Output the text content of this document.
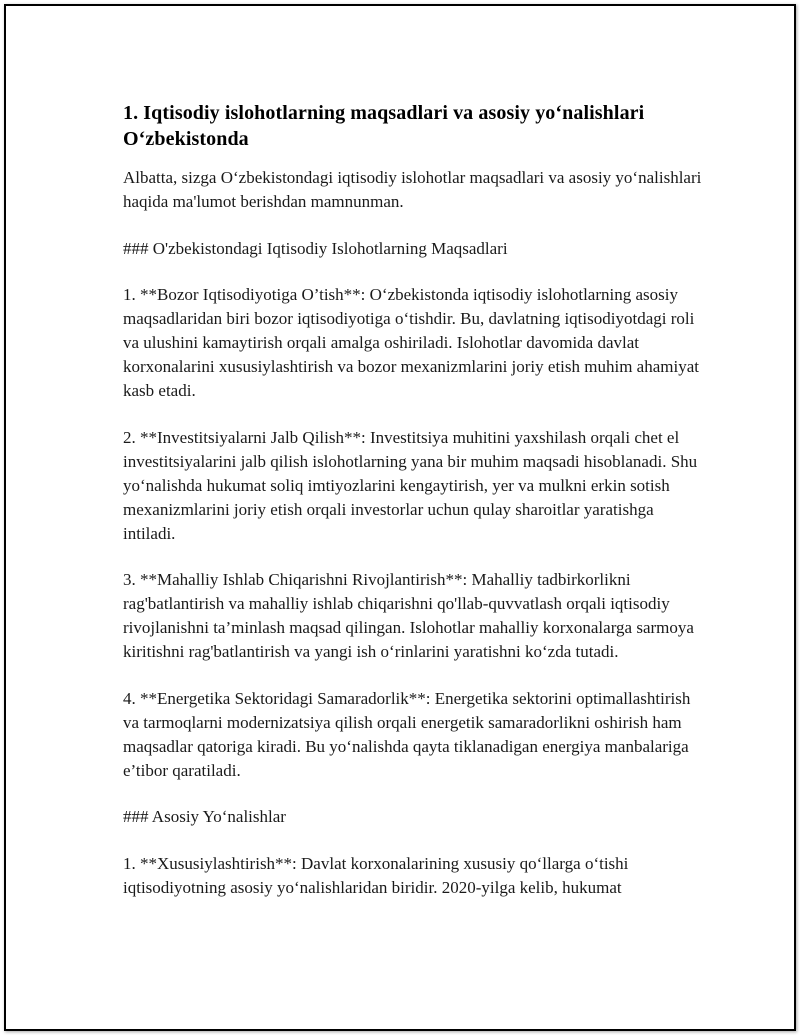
1. Iqtisodiy islohotlarning maqsadlari va asosiy yo‘nalishlari O‘zbekistonda

Albatta, sizga O‘zbekistondagi iqtisodiy islohotlar maqsadlari va asosiy yo‘nalishlari haqida ma'lumot berishdan mamnunman.

### O'zbekistondagi Iqtisodiy Islohotlarning Maqsadlari

1. **Bozor Iqtisodiyotiga O’tish**: O‘zbekistonda iqtisodiy islohotlarning asosiy maqsadlaridan biri bozor iqtisodiyotiga o‘tishdir. Bu, davlatning iqtisodiyotdagi roli va ulushini kamaytirish orqali amalga oshiriladi. Islohotlar davomida davlat korxonalarini xususiylashtirish va bozor mexanizmlarini joriy etish muhim ahamiyat kasb etadi.

2. **Investitsiyalarni Jalb Qilish**: Investitsiya muhitini yaxshilash orqali chet el investitsiyalarini jalb qilish islohotlarning yana bir muhim maqsadi hisoblanadi. Shu yo‘nalishda hukumat soliq imtiyozlarini kengaytirish, yer va mulkni erkin sotish mexanizmlarini joriy etish orqali investorlar uchun qulay sharoitlar yaratishga intiladi.

3. **Mahalliy Ishlab Chiqarishni Rivojlantirish**: Mahalliy tadbirkorlikni rag'batlantirish va mahalliy ishlab chiqarishni qo'llab-quvvatlash orqali iqtisodiy rivojlanishni ta’minlash maqsad qilingan. Islohotlar mahalliy korxonalarga sarmoya kiritishni rag'batlantirish va yangi ish o‘rinlarini yaratishni ko‘zda tutadi.

4. **Energetika Sektoridagi Samaradorlik**: Energetika sektorini optimallashtirish va tarmoqlarni modernizatsiya qilish orqali energetik samaradorlikni oshirish ham maqsadlar qatoriga kiradi. Bu yo‘nalishda qayta tiklanadigan energiya manbalariga e’tibor qaratiladi.

### Asosiy Yo‘nalishlar

1. **Xususiylashtirish**: Davlat korxonalarining xususiy qo‘llarga o‘tishi iqtisodiyotning asosiy yo‘nalishlaridan biridir. 2020-yilga kelib, hukumat
